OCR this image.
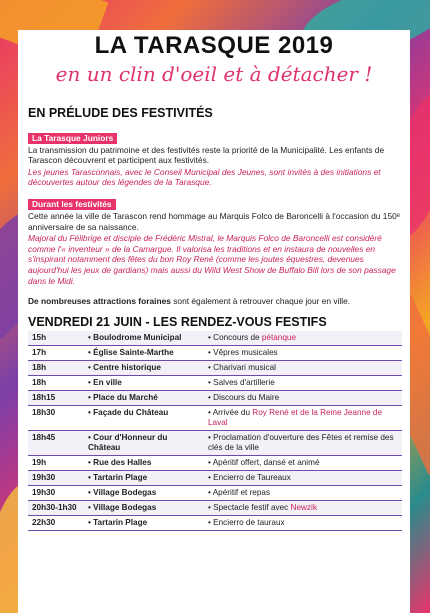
LA TARASQUE 2019
en un clin d'oeil et à détacher !
EN PRÉLUDE DES FESTIVITÉS
La Tarasque Juniors

La transmission du patrimoine et des festivités reste la priorité de la Municipalité. Les enfants de Tarascon découvrent et participent aux festivités.

Les jeunes Tarasconnais, avec le Conseil Municipal des Jeunes, sont invités à des initiations et découvertes autour des légendes de la Tarasque.

Durant les festivités

Cette année la ville de Tarascon rend hommage au Marquis Folco de Baroncelli à l'occasion du 150ᵉ anniversaire de sa naissance.

Majoral du Félibrige et disciple de Frédéric Mistral, le Marquis Folco de Baroncelli est considéré comme l'« inventeur » de la Camargue. Il valorisa les traditions et en instaura de nouvelles en s'inspirant notamment des fêtes du bon Roy René (comme les joutes équestres, devenues aujourd'hui les jeux de gardians) mais aussi du Wild West Show de Buffalo Bill lors de son passage dans le Midi.

De nombreuses attractions foraines sont également à retrouver chaque jour en ville.

VENDREDI 21 JUIN - LES RENDEZ-VOUS FESTIFS
15h	• Boulodrome Municipal	• Concours de pétanque
17h	• Église Sainte-Marthe	• Vêpres musicales
18h	• Centre historique	• Charivari musical
18h	• En ville	• Salves d'artillerie
18h15	• Place du Marché	• Discours du Maire
18h30	• Façade du Château	• Arrivée du Roy René et de la Reine Jeanne de Laval
18h45	• Cour d'Honneur du Château	• Proclamation d'ouverture des Fêtes et remise des clés de la ville
19h	• Rue des Halles	• Apéritif offert, dansé et animé
19h30	• Tartarin Plage	• Encierro de Taureaux
19h30	• Village Bodegas	• Apéritif et repas
20h30-1h30	• Village Bodegas	• Spectacle festif avec Newzik
22h30	• Tartarin Plage	• Encierro de tauraux
